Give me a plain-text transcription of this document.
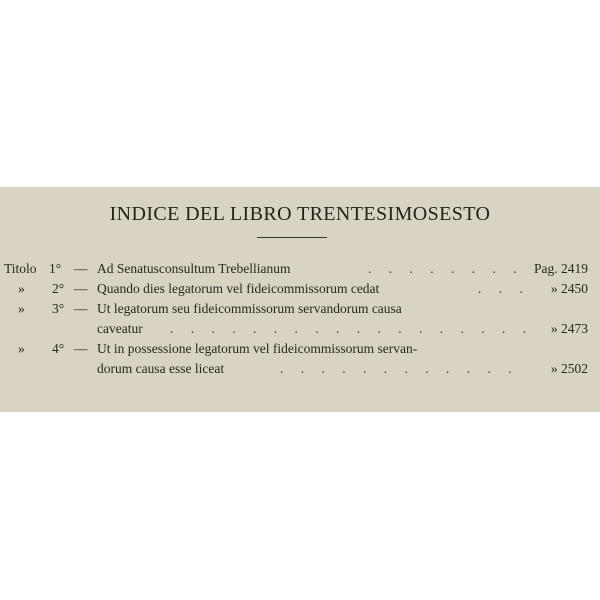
INDICE DEL LIBRO TRENTESIMOSESTO
Titolo 1° — Ad Senatusconsultum Trebellianum	. . . . . . . . Pag. 2419
» 2° — Quando dies legatorum vel fideicommissorum cedat	. . . » 2450
» 3° — Ut legatorum seu fideicommissorum servandorum causa
caveatur . . . . . . . . . . . . . . . . . . » 2473
» 4° — Ut in possessione legatorum vel fideicommissorum servan-
dorum causa esse liceat	. . . . . . . . . . . . » 2502
